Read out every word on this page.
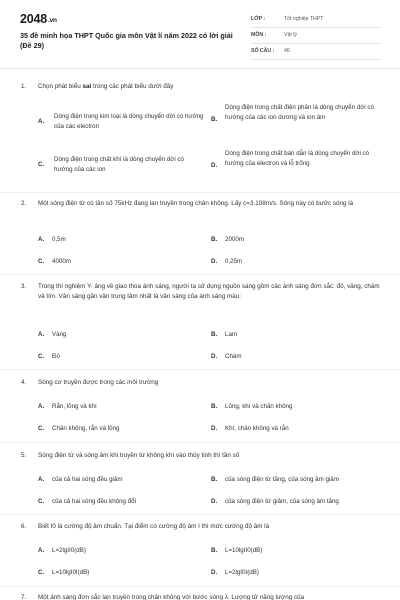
2048.vn
35 đề minh họa THPT Quốc gia môn Vật lí năm 2022 có lời giải (Đề 29)
LỚP :	Tốt nghiệp THPT
MÔN :	Vật lý
SỐ CÂU : 40
1. Chọn phát biểu sai trong các phát biểu dưới đây
A.
Dòng điện trong kim loại là dòng chuyển dời có hướng của các electron
B.
Dòng điện trong chất điện phân là dòng chuyển dời có hướng của các ion dương và ion âm
C.
Dòng điện trong chất khí là dòng chuyển dời có hướng của các ion	D.
Dòng điện trong chất bán dẫn là dòng chuyển dời có hướng của electron và lỗ trống
2. Một sóng điện từ có tần số 75kHz đang lan truyền trong chân không. Lấy c=3.108m/s. Sóng này có bước sóng là
A. 0,5m	B. 2000m
C. 4000m	D. 0,25m
3. Trong thí nghiệm Y- âng về giao thoa ánh sáng, người ta sử dụng nguồn sáng gồm các ánh sáng đơn sắc: đỏ, vàng, chàm và tím. Vân sáng gần vân trung tâm nhất là vân sáng của ánh sáng màu:
A. Vàng	B. Lam
C. Đỏ	D. Chàm
4. Sóng cơ truyền được trong các môi trường
A. Rắn, lỏng và khí	B. Lỏng, khí và chân không
C. Chân không, rắn và lỏng	D. Khí, chân không và rắn
5. Sóng điện từ và sóng âm khi truyền từ không khí vào thủy tinh thì tần số
A. của cả hai sóng đều giảm	B. của sóng điện từ tăng, của sóng âm giảm
C. của cả hai sóng đều không đổi	D. của sóng điện từ giảm, của sóng âm tăng
6. Biết I0 là cường độ âm chuẩn. Tại điểm có cường độ âm I thì mức cường độ âm là
A. L=2lgII0(dB)	B. L=10lgII0(dB)
C. L=10lgI0I(dB)	D. L=2lgI0I(dB)
7. Một ánh sáng đơn sắc lan truyền trong chân không với bước sóng λ. Lượng tử năng lượng của
